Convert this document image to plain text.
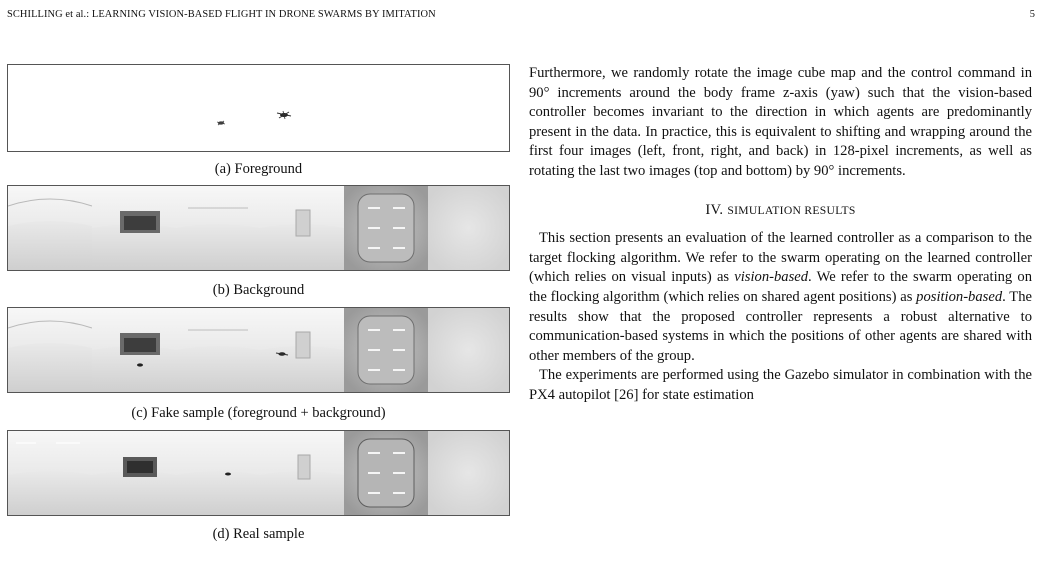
SCHILLING et al.: LEARNING VISION-BASED FLIGHT IN DRONE SWARMS BY IMITATION	5
(a) Foreground
(b) Background
(c) Fake sample (foreground + background)
(d) Real sample

Furthermore, we randomly rotate the image cube map and the control command in 90° increments around the body frame z-axis (yaw) such that the vision-based controller becomes invariant to the direction in which agents are predominantly present in the data. In practice, this is equivalent to shifting and wrapping around the first four images (left, front, right, and back) in 128-pixel increments, as well as rotating the last two images (top and bottom) by 90° increments.

IV. SIMULATION RESULTS

This section presents an evaluation of the learned controller as a comparison to the target flocking algorithm. We refer to the swarm operating on the learned controller (which relies on visual inputs) as vision-based. We refer to the swarm operating on the flocking algorithm (which relies on shared agent positions) as position-based. The results show that the proposed controller represents a robust alternative to communication-based systems in which the positions of other agents are shared with other members of the group.

The experiments are performed using the Gazebo simulator in combination with the PX4 autopilot [26] for state estimation
